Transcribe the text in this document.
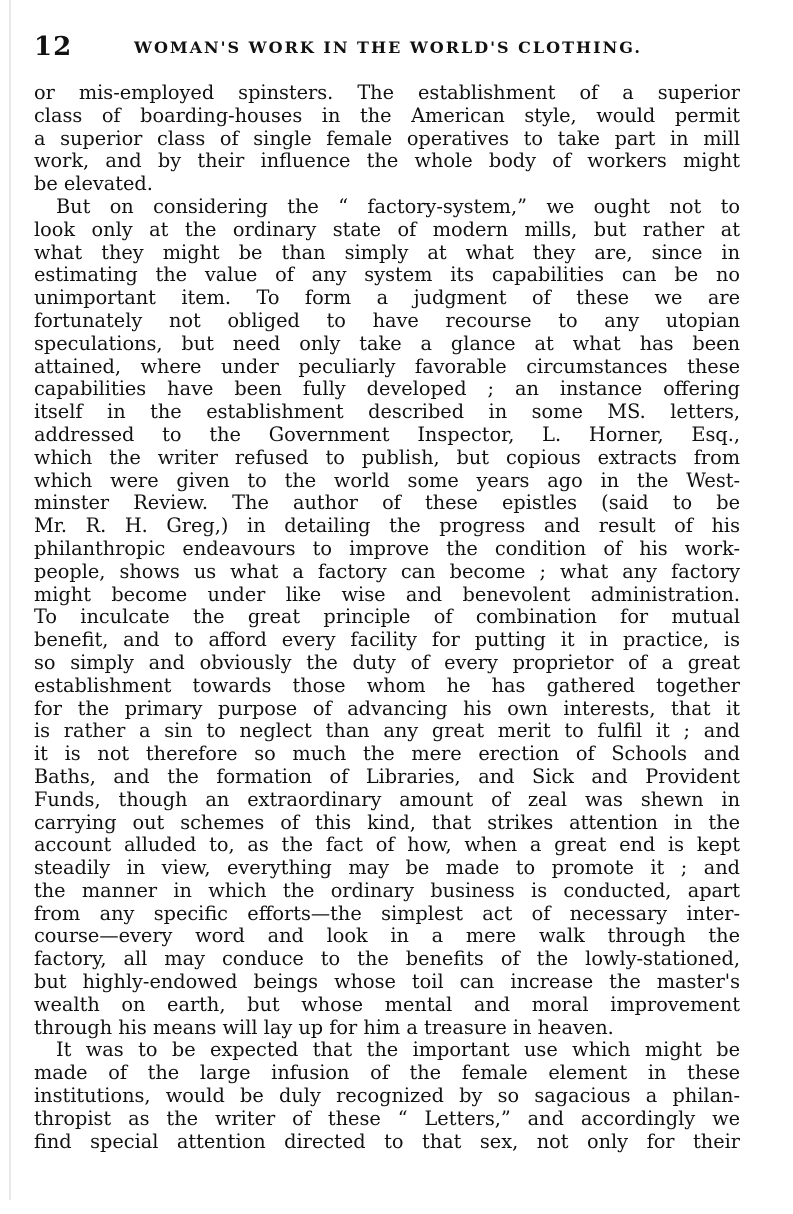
12	WOMAN'S WORK IN THE WORLD'S CLOTHING.
or mis-employed spinsters. The establishment of a superior
class of boarding-houses in the American style, would permit
a superior class of single female operatives to take part in mill
work, and by their influence the whole body of workers might
be elevated.
But on considering the “ factory-system,” we ought not to
look only at the ordinary state of modern mills, but rather at
what they might be than simply at what they are, since in
estimating the value of any system its capabilities can be no
unimportant item. To form a judgment of these we are
fortunately not obliged to have recourse to any utopian
speculations, but need only take a glance at what has been
attained, where under peculiarly favorable circumstances these
capabilities have been fully developed ; an instance offering
itself in the establishment described in some MS. letters,
addressed to the Government Inspector, L. Horner, Esq.,
which the writer refused to publish, but copious extracts from
which were given to the world some years ago in the West-
minster Review. The author of these epistles (said to be
Mr. R. H. Greg,) in detailing the progress and result of his
philanthropic endeavours to improve the condition of his work-
people, shows us what a factory can become ; what any factory
might become under like wise and benevolent administration.
To inculcate the great principle of combination for mutual
benefit, and to afford every facility for putting it in practice, is
so simply and obviously the duty of every proprietor of a great
establishment towards those whom he has gathered together
for the primary purpose of advancing his own interests, that it
is rather a sin to neglect than any great merit to fulfil it ; and
it is not therefore so much the mere erection of Schools and
Baths, and the formation of Libraries, and Sick and Provident
Funds, though an extraordinary amount of zeal was shewn in
carrying out schemes of this kind, that strikes attention in the
account alluded to, as the fact of how, when a great end is kept
steadily in view, everything may be made to promote it ; and
the manner in which the ordinary business is conducted, apart
from any specific efforts—the simplest act of necessary inter-
course—every word and look in a mere walk through the
factory, all may conduce to the benefits of the lowly-stationed,
but highly-endowed beings whose toil can increase the master's
wealth on earth, but whose mental and moral improvement
through his means will lay up for him a treasure in heaven.
It was to be expected that the important use which might be
made of the large infusion of the female element in these
institutions, would be duly recognized by so sagacious a philan-
thropist as the writer of these “ Letters,” and accordingly we
find special attention directed to that sex, not only for their
